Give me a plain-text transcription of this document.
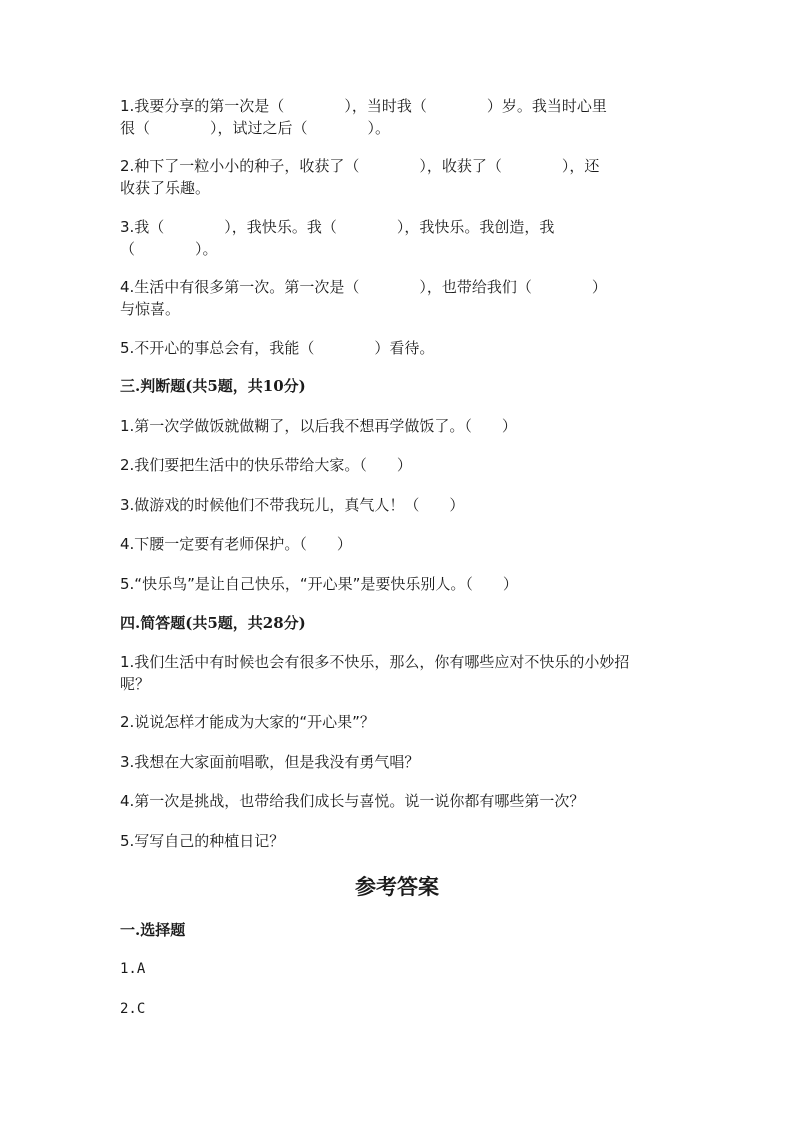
1.我要分享的第一次是（　　　　），当时我（　　　　）岁。我当时心里
很（　　　　），试过之后（　　　　）。
2.种下了一粒小小的种子，收获了（　　　　），收获了（　　　　），还
收获了乐趣。
3.我（　　　　），我快乐。我（　　　　），我快乐。我创造，我
（　　　　）。
4.生活中有很多第一次。第一次是（　　　　），也带给我们（　　　　）
与惊喜。
5.不开心的事总会有，我能（　　　　）看待。
三.判断题(共5题，共10分)
1.第一次学做饭就做糊了，以后我不想再学做饭了。（　　）
2.我们要把生活中的快乐带给大家。（　　）
3.做游戏的时候他们不带我玩儿，真气人！（　　）
4.下腰一定要有老师保护。（　　）
5.“快乐鸟”是让自己快乐，“开心果”是要快乐别人。（　　）
四.简答题(共5题，共28分)
1.我们生活中有时候也会有很多不快乐，那么，你有哪些应对不快乐的小妙招
呢？
2.说说怎样才能成为大家的“开心果”？
3.我想在大家面前唱歌，但是我没有勇气唱？
4.第一次是挑战，也带给我们成长与喜悦。说一说你都有哪些第一次？
5.写写自己的种植日记？
参考答案
一.选择题
1.A
2.C
